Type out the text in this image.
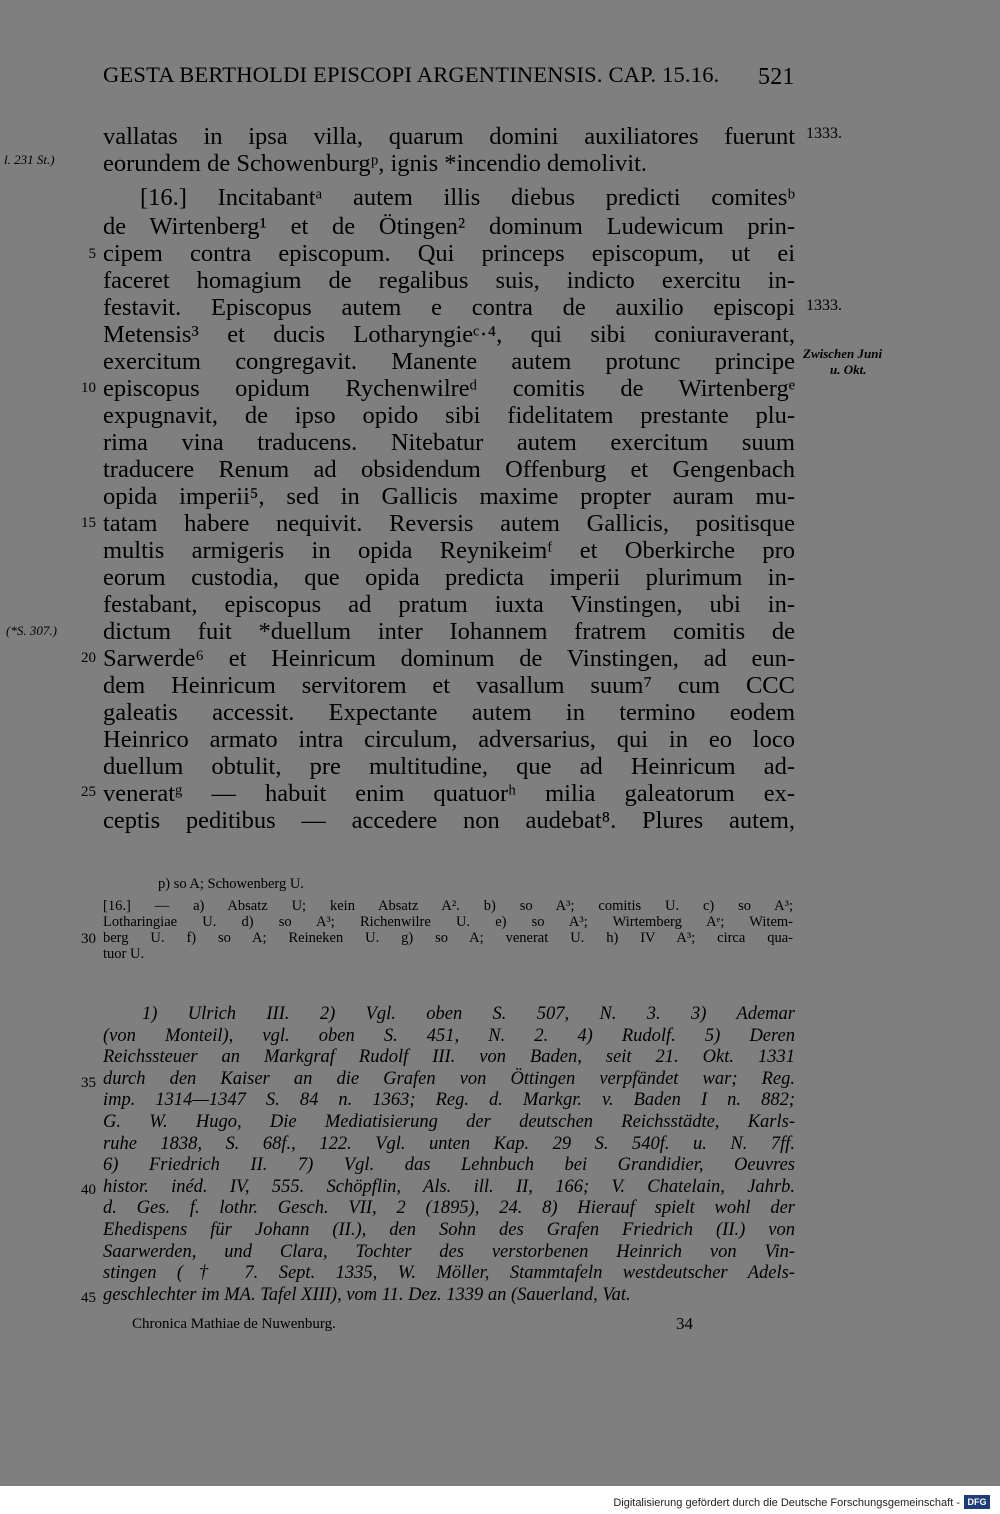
GESTA BERTHOLDI EPISCOPI ARGENTINENSIS. CAP. 15.16. 521
l. 231 St.)
(*S. 307.)
1333.
1333.
Zwischen Juni
u. Okt.
5
10
15
20
25
30
35
40
45
vallatas in ipsa villa, quarum domini auxiliatores fuerunt
eorundem de Schowenburgᵖ, ignis *incendio demolivit.
[16.] Incitabantᵃ autem illis diebus predicti comitesᵇ
de Wirtenberg¹ et de Ötingen² dominum Ludewicum prin-
cipem contra episcopum. Qui princeps episcopum, ut ei
faceret homagium de regalibus suis, indicto exercitu in-
festavit. Episcopus autem e contra de auxilio episcopi
Metensis³ et ducis Lotharyngieᶜ·⁴, qui sibi coniuraverant,
exercitum congregavit. Manente autem protunc principe
episcopus opidum Rychenwilreᵈ comitis de Wirtenbergᵉ
expugnavit, de ipso opido sibi fidelitatem prestante plu-
rima vina traducens. Nitebatur autem exercitum suum
traducere Renum ad obsidendum Offenburg et Gengenbach
opida imperii⁵, sed in Gallicis maxime propter auram mu-
tatam habere nequivit. Reversis autem Gallicis, positisque
multis armigeris in opida Reynikeimᶠ et Oberkirche pro
eorum custodia, que opida predicta imperii plurimum in-
festabant, episcopus ad pratum iuxta Vinstingen, ubi in-
dictum fuit *duellum inter Iohannem fratrem comitis de
Sarwerde⁶ et Heinricum dominum de Vinstingen, ad eun-
dem Heinricum servitorem et vasallum suum⁷ cum CCC
galeatis accessit. Expectante autem in termino eodem
Heinrico armato intra circulum, adversarius, qui in eo loco
duellum obtulit, pre multitudine, que ad Heinricum ad-
veneratᵍ — habuit enim quatuorʰ milia galeatorum ex-
ceptis peditibus — accedere non audebat⁸. Plures autem,
p) so A; Schowenberg U.
[16.] — a) Absatz U; kein Absatz A². b) so A³; comitis U. c) so A³;
Lotharingiae U. d) so A³; Richenwilre U. e) so A³; Wirtemberg Aᵉ; Witem-
berg U. f) so A; Reineken U. g) so A; venerat U. h) IV A³; circa qua-
tuor U.
1) Ulrich III. 2) Vgl. oben S. 507, N. 3. 3) Ademar
(von Monteil), vgl. oben S. 451, N. 2. 4) Rudolf. 5) Deren
Reichssteuer an Markgraf Rudolf III. von Baden, seit 21. Okt. 1331
durch den Kaiser an die Grafen von Öttingen verpfändet war; Reg.
imp. 1314—1347 S. 84 n. 1363; Reg. d. Markgr. v. Baden I n. 882;
G. W. Hugo, Die Mediatisierung der deutschen Reichsstädte, Karls-
ruhe 1838, S. 68f., 122. Vgl. unten Kap. 29 S. 540f. u. N. 7ff.
6) Friedrich II. 7) Vgl. das Lehnbuch bei Grandidier, Oeuvres
histor. inéd. IV, 555. Schöpflin, Als. ill. II, 166; V. Chatelain, Jahrb.
d. Ges. f. lothr. Gesch. VII, 2 (1895), 24. 8) Hierauf spielt wohl der
Ehedispens für Johann (II.), den Sohn des Grafen Friedrich (II.) von
Saarwerden, und Clara, Tochter des verstorbenen Heinrich von Vin-
stingen († 7. Sept. 1335, W. Möller, Stammtafeln westdeutscher Adels-
geschlechter im MA. Tafel XIII), vom 11. Dez. 1339 an (Sauerland, Vat.
Chronica Mathiae de Nuwenburg.	34
Digitalisierung gefördert durch die Deutsche Forschungsgemeinschaft - DFG
